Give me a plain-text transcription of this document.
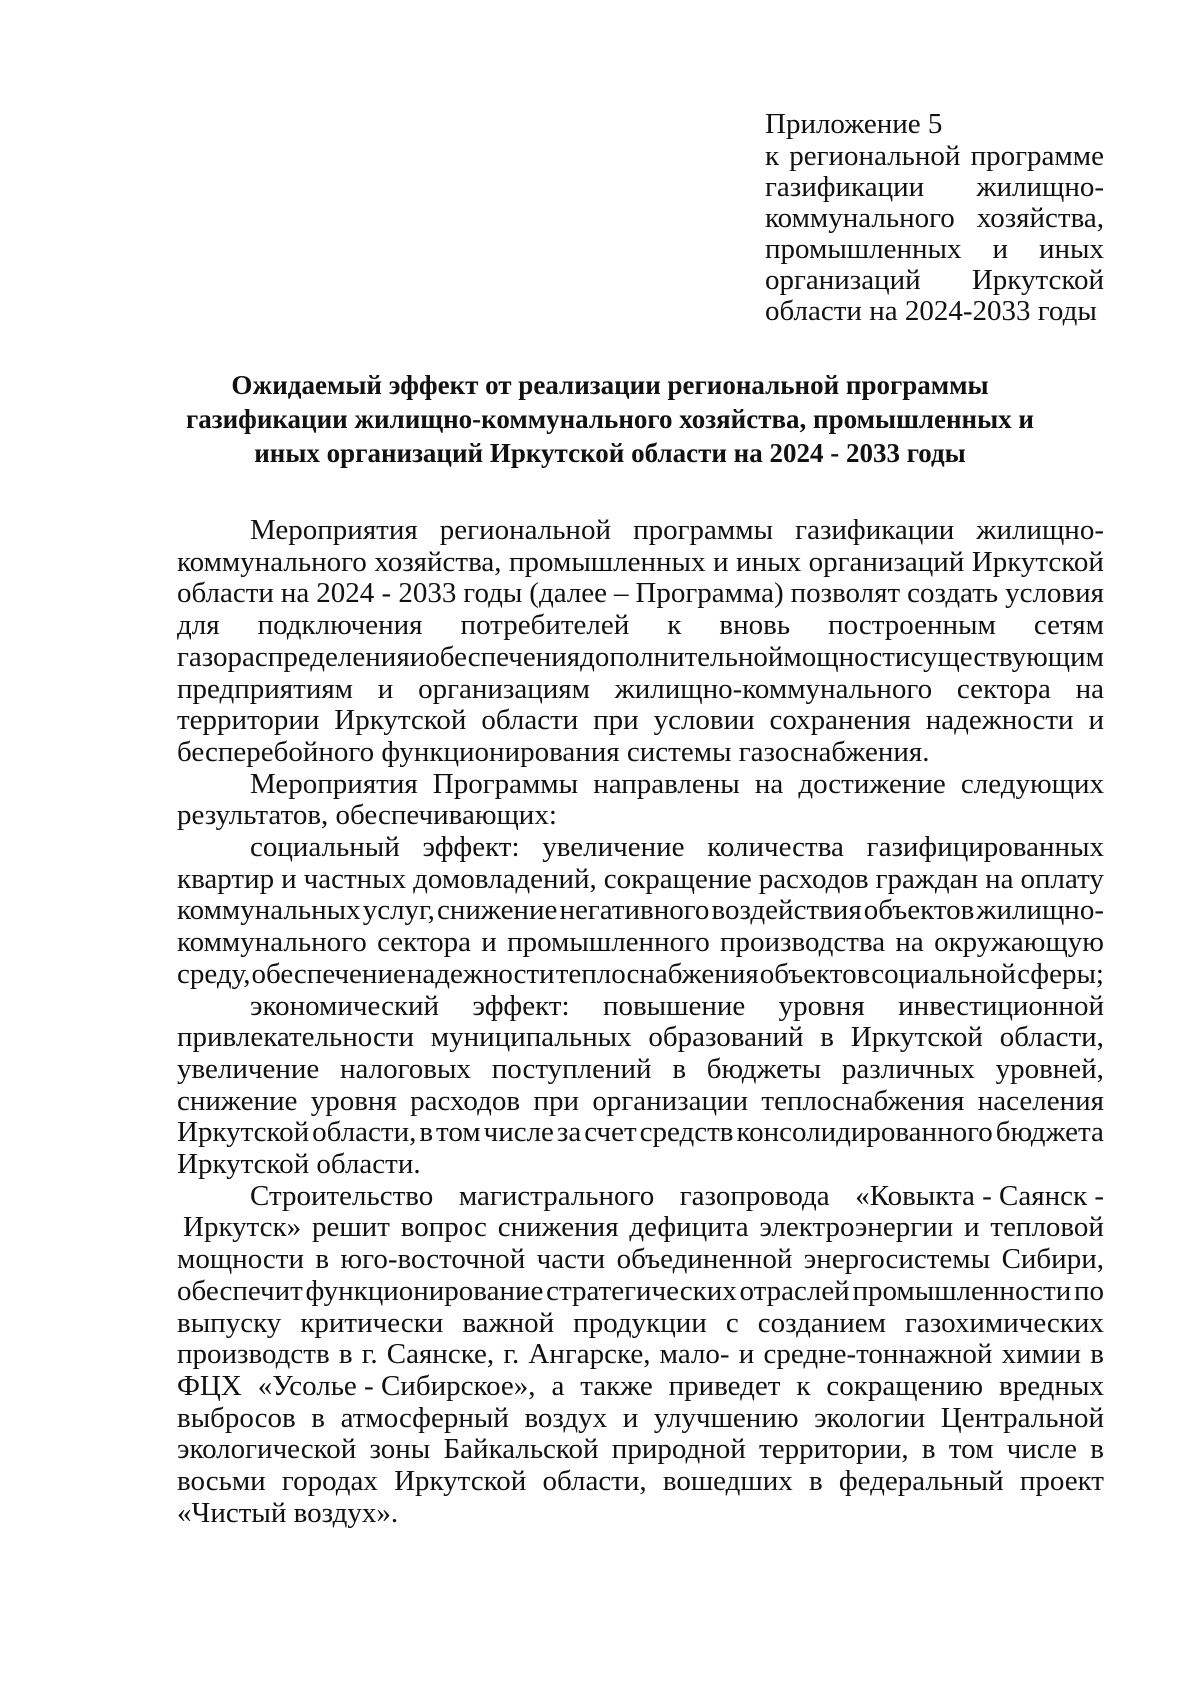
Приложение 5
к региональной программе
газификации жилищно-
коммунального хозяйства,
промышленных и иных
организаций Иркутской
области на 2024-2033 годы
Ожидаемый эффект от реализации региональной программы
газификации жилищно-коммунального хозяйства, промышленных и
иных организаций Иркутской области на 2024 - 2033 годы
Мероприятия региональной программы газификации жилищно-
коммунального хозяйства, промышленных и иных организаций Иркутской
области на 2024 - 2033 годы (далее – Программа) позволят создать условия
для подключения потребителей к вновь построенным сетям
газораспределения и обеспечения дополнительной мощности существующим
предприятиям и организациям жилищно-коммунального сектора на
территории Иркутской области при условии сохранения надежности и
бесперебойного функционирования системы газоснабжения.
Мероприятия Программы направлены на достижение следующих
результатов, обеспечивающих:
социальный эффект: увеличение количества газифицированных
квартир и частных домовладений, сокращение расходов граждан на оплату
коммунальных услуг, снижение негативного воздействия объектов жилищно-
коммунального сектора и промышленного производства на окружающую
среду, обеспечение надежности теплоснабжения объектов социальной сферы;
экономический эффект: повышение уровня инвестиционной
привлекательности муниципальных образований в Иркутской области,
увеличение налоговых поступлений в бюджеты различных уровней,
снижение уровня расходов при организации теплоснабжения населения
Иркутской области, в том числе за счет средств консолидированного бюджета
Иркутской области.
Строительство магистрального газопровода «Ковыкта - Саянск -
Иркутск» решит вопрос снижения дефицита электроэнергии и тепловой
мощности в юго-восточной части объединенной энергосистемы Сибири,
обеспечит функционирование стратегических отраслей промышленности по
выпуску критически важной продукции с созданием газохимических
производств в г. Саянске, г. Ангарске, мало- и средне-тоннажной химии в
ФЦХ «Усолье - Сибирское», а также приведет к сокращению вредных
выбросов в атмосферный воздух и улучшению экологии Центральной
экологической зоны Байкальской природной территории, в том числе в
восьми городах Иркутской области, вошедших в федеральный проект
«Чистый воздух».
